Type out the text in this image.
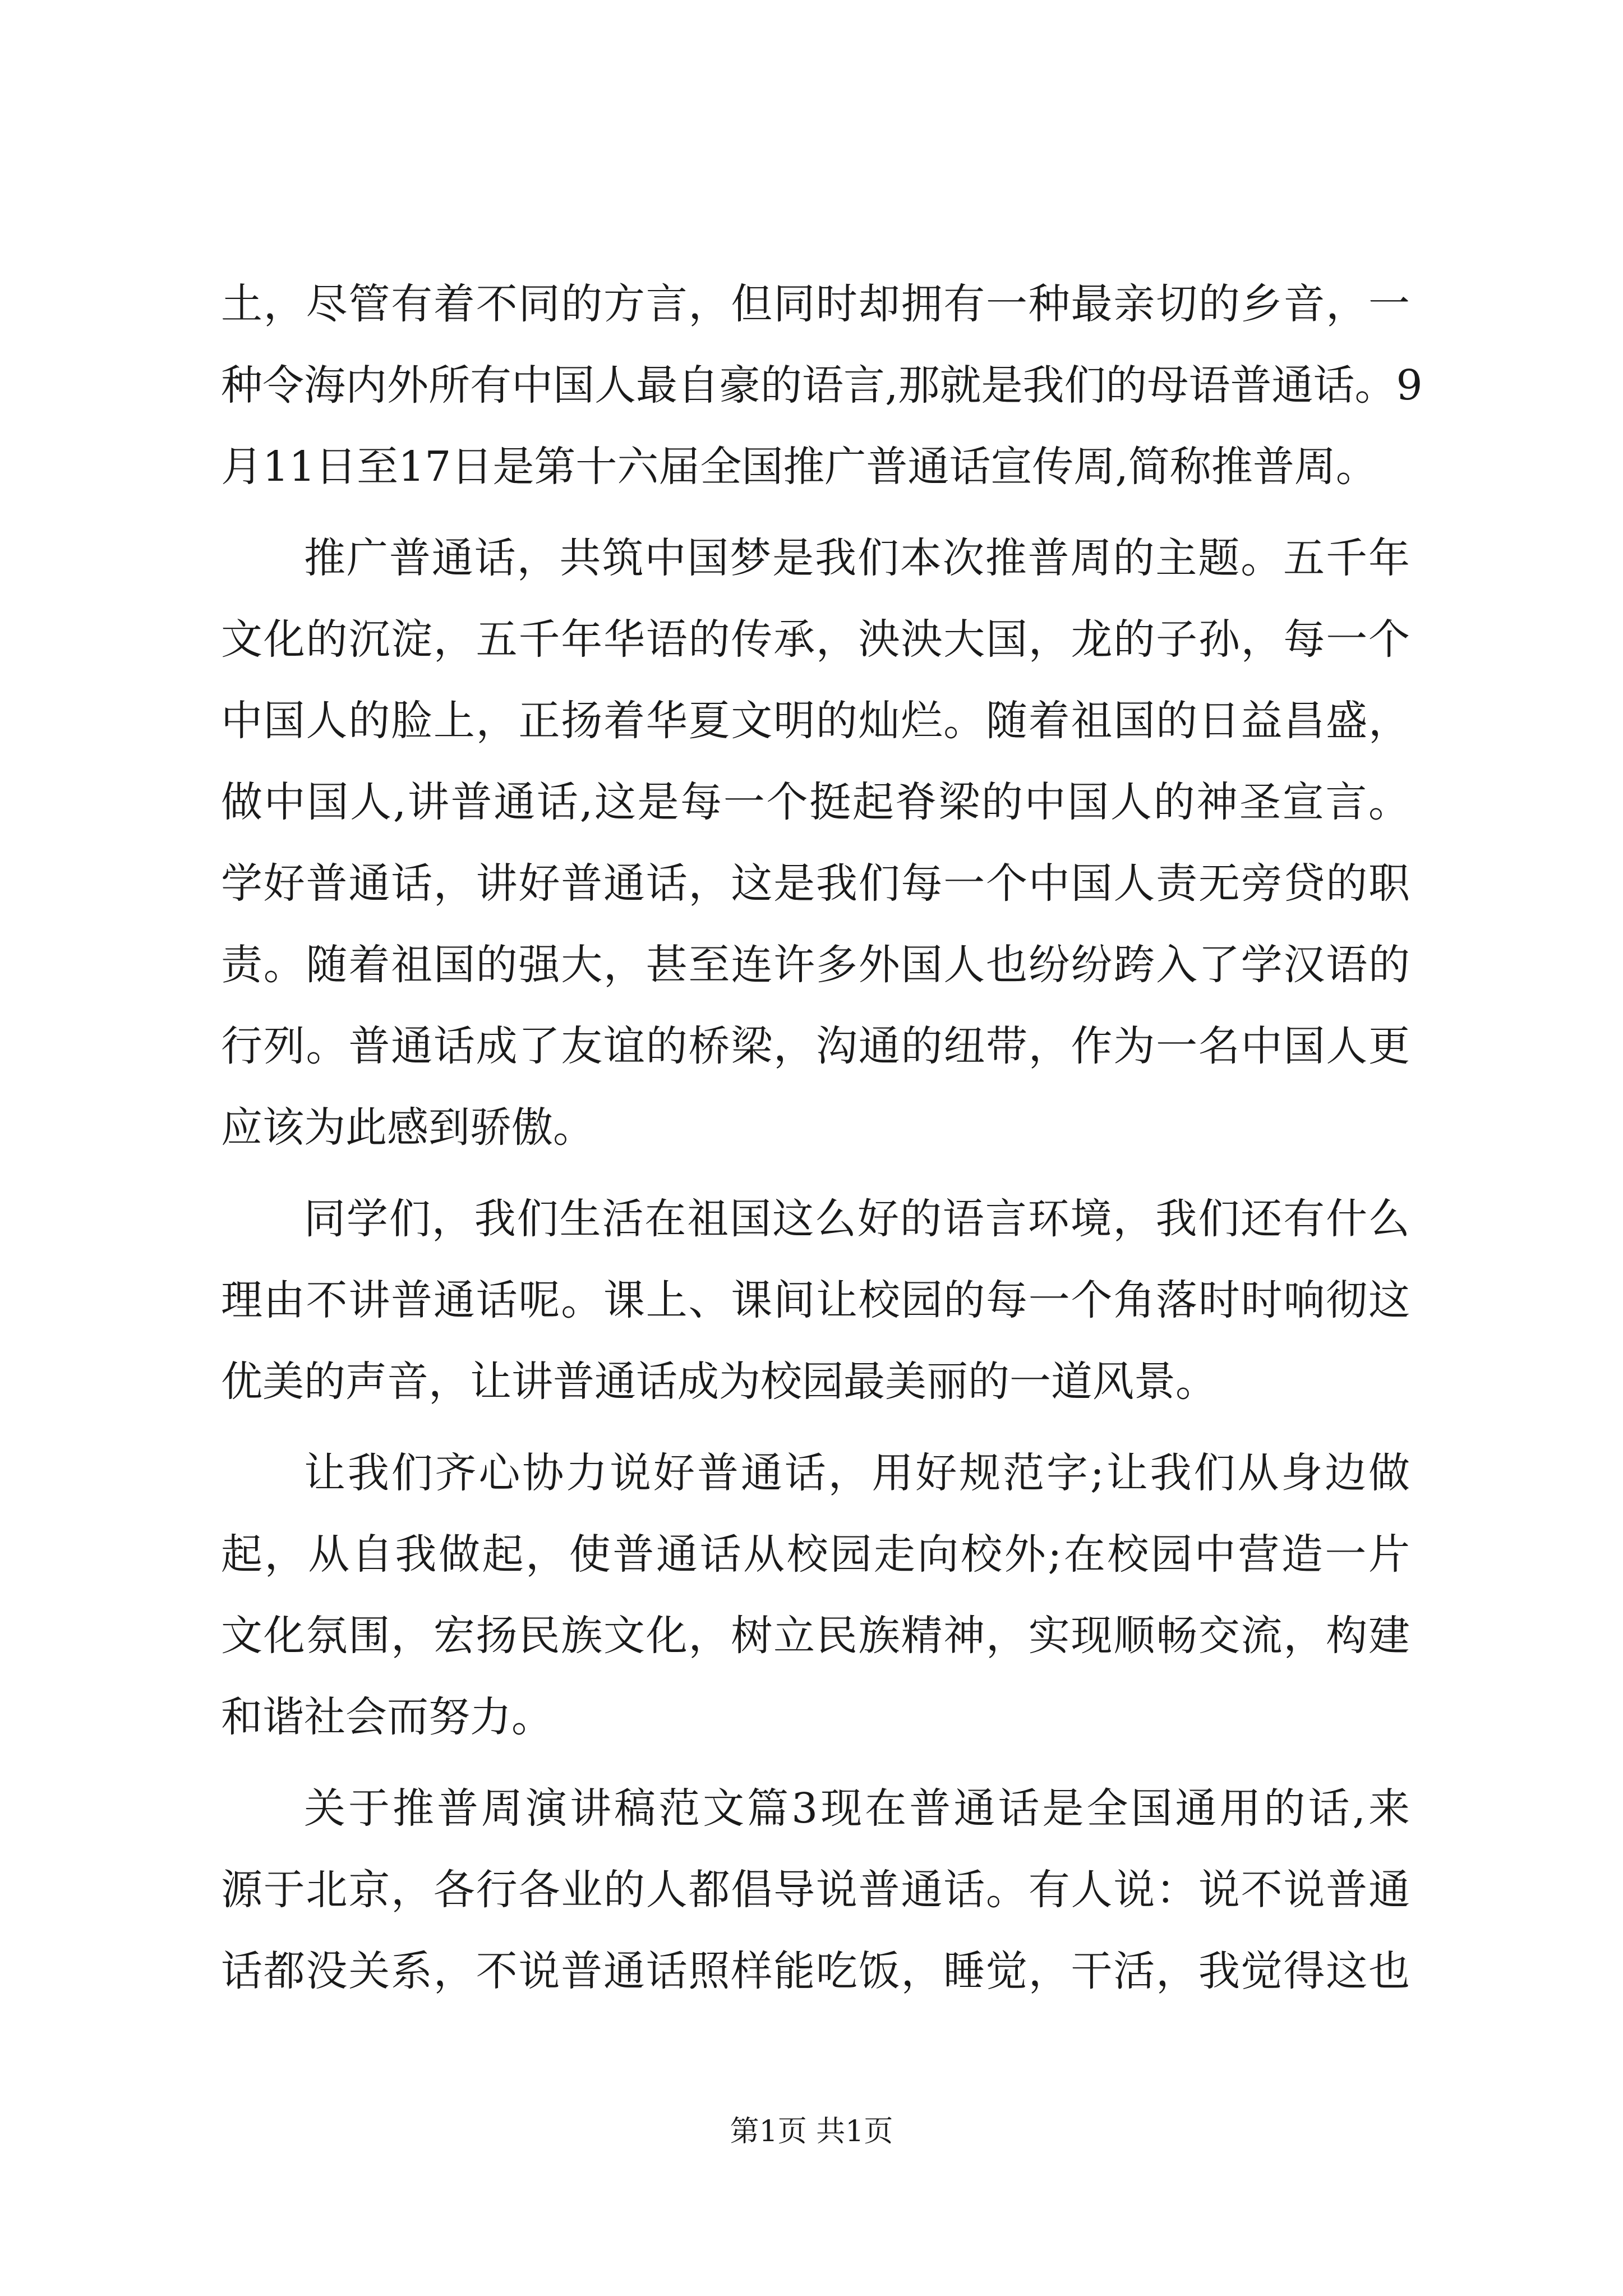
土，尽管有着不同的方言，但同时却拥有一种最亲切的乡音，一
种令海内外所有中国人最自豪的语言,那就是我们的母语普通话。9
月11日至17日是第十六届全国推广普通话宣传周,简称推普周。
推广普通话，共筑中国梦是我们本次推普周的主题。五千年
文化的沉淀，五千年华语的传承，泱泱大国，龙的子孙，每一个
中国人的脸上，正扬着华夏文明的灿烂。随着祖国的日益昌盛，
做中国人,讲普通话,这是每一个挺起脊梁的中国人的神圣宣言。
学好普通话，讲好普通话，这是我们每一个中国人责无旁贷的职
责。随着祖国的强大，甚至连许多外国人也纷纷跨入了学汉语的
行列。普通话成了友谊的桥梁，沟通的纽带，作为一名中国人更
应该为此感到骄傲。
同学们，我们生活在祖国这么好的语言环境，我们还有什么
理由不讲普通话呢。课上、课间让校园的每一个角落时时响彻这
优美的声音，让讲普通话成为校园最美丽的一道风景。
让我们齐心协力说好普通话，用好规范字;让我们从身边做
起，从自我做起，使普通话从校园走向校外;在校园中营造一片
文化氛围，宏扬民族文化，树立民族精神，实现顺畅交流，构建
和谐社会而努力。
关于推普周演讲稿范文篇3现在普通话是全国通用的话,来
源于北京，各行各业的人都倡导说普通话。有人说：说不说普通
话都没关系，不说普通话照样能吃饭，睡觉，干活，我觉得这也
第1页 共1页
